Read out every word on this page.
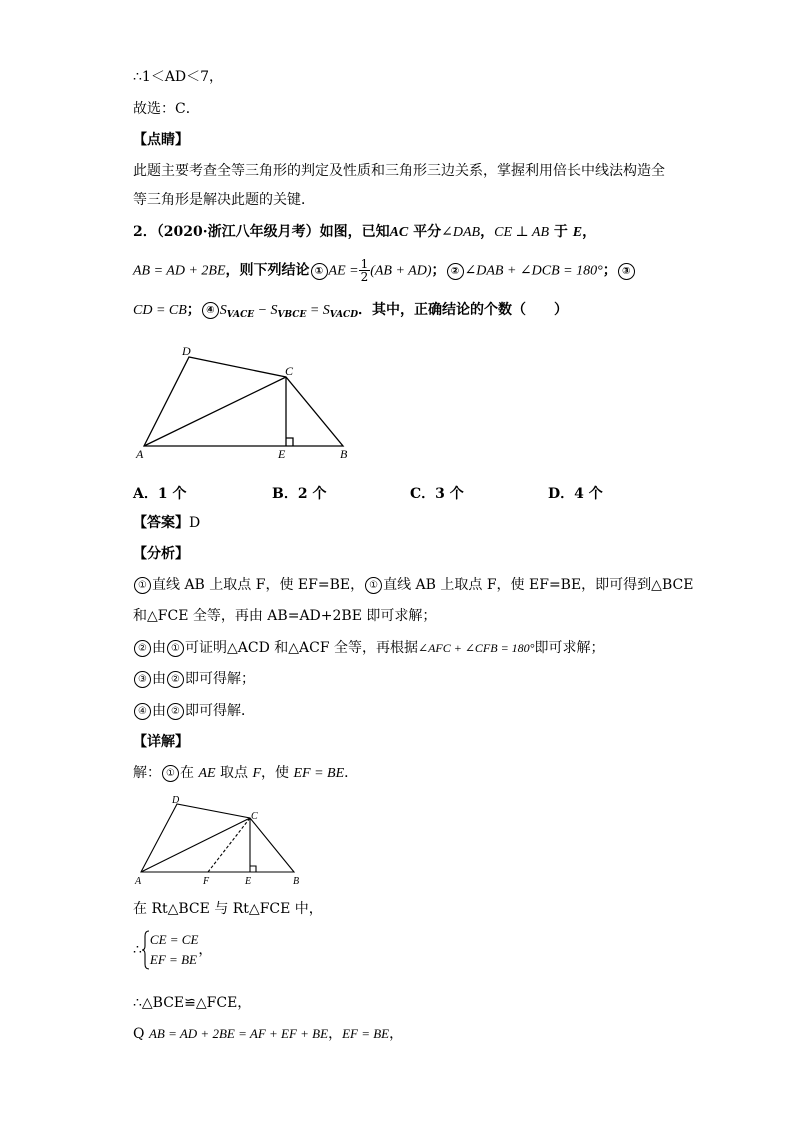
∴1＜AD＜7，
故选：C．
【点睛】
此题主要考查全等三角形的判定及性质和三角形三边关系，掌握利用倍长中线法构造全
等三角形是解决此题的关键．
2．（2020·浙江八年级月考）如图，已知AC 平分∠DAB，CE ⊥ AB 于 E，
AB = AD + 2BE，则下列结论 ① AE = $\frac{1}{2} (AB + AD)$； ② ∠DAB + ∠DCB = 180°； ③
CD = CB； ④ $S_{VACE} - S_{VBCE} = S_{VACD}$．其中，正确结论的个数（　　）
A	B
C
D
E
A．1 个	B．2 个	C．3 个	D．4 个
【答案】D
【分析】
① 直线 AB 上取点 F，使 EF=BE， ① 直线 AB 上取点 F，使 EF=BE，即可得到△BCE
和△FCE 全等，再由 AB=AD+2BE 即可求解；
② 由 ① 可证明△ACD 和△ACF 全等，再根据∠AFC + ∠CFB = 180°即可求解；
③ 由 ② 即可得解；
④ 由 ② 即可得解．
【详解】
解： ① 在 AE 取点 F，使 EF = BE．
A	B
C
D
E
F
在 Rt△BCE 与 Rt△FCE 中，
∴
CE = CE
EF = BE
，
∴△BCE≌△FCE，
Q AB = AD + 2BE = AF + EF + BE，EF = BE，
